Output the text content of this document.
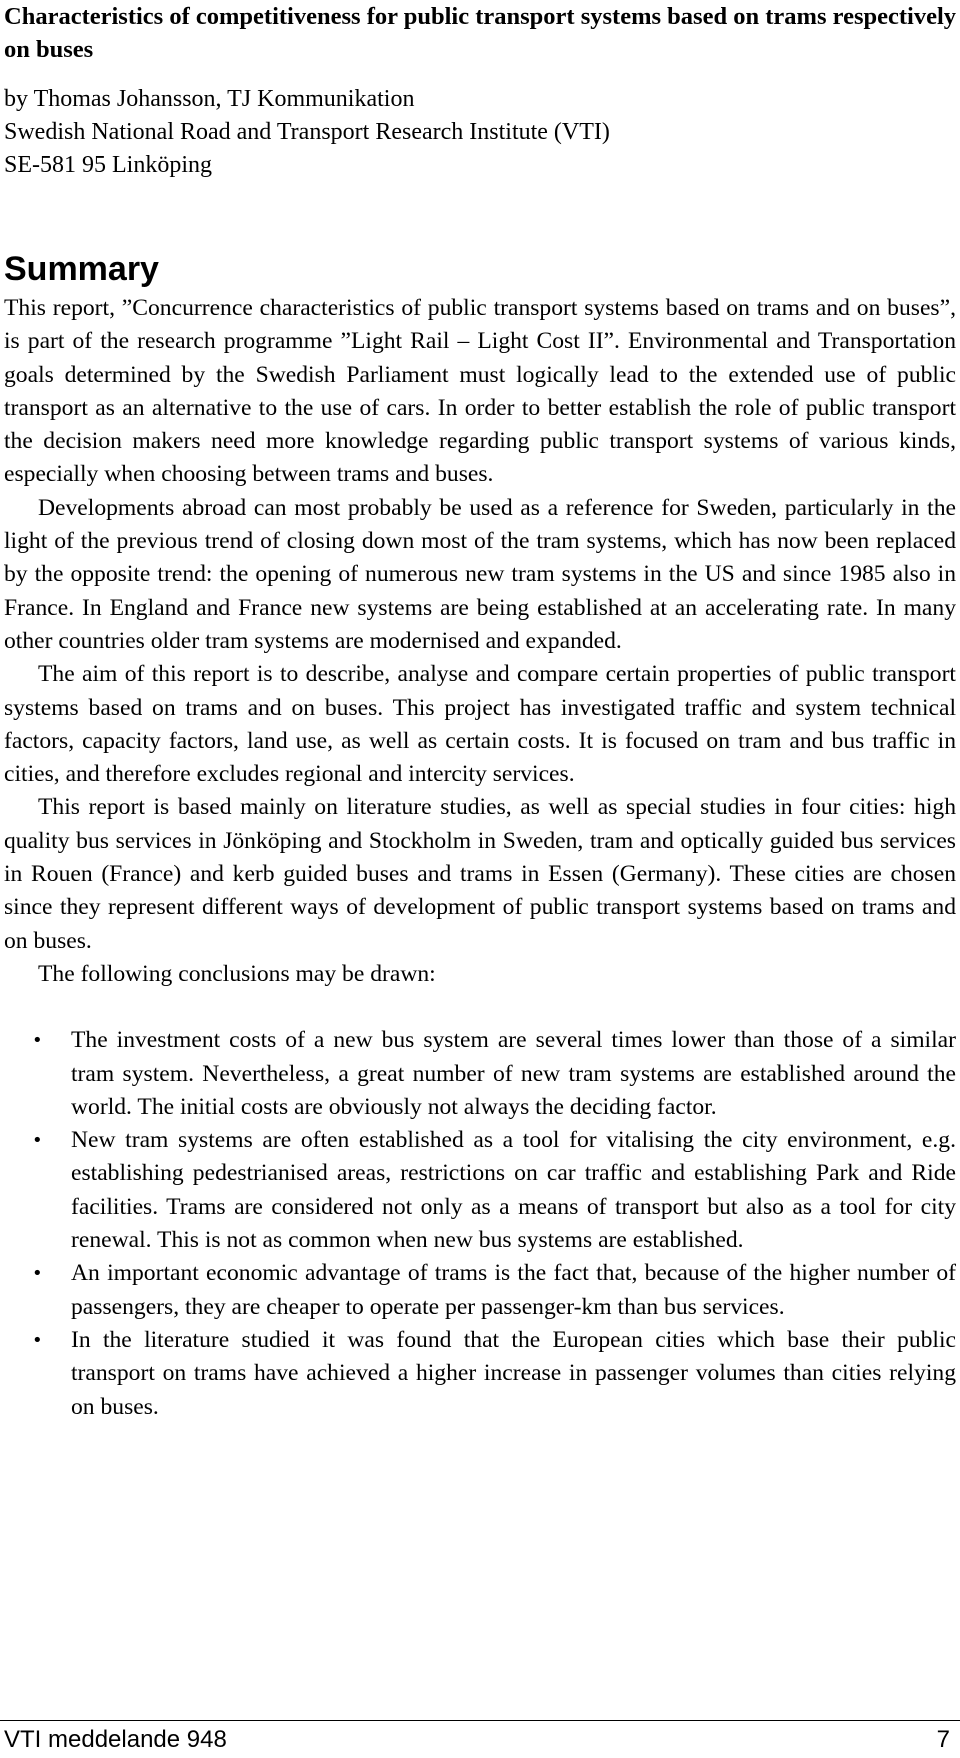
Characteristics of competitiveness for public transport systems based on trams respectively on buses
by Thomas Johansson, TJ Kommunikation
Swedish National Road and Transport Research Institute (VTI)
SE-581 95 Linköping
Summary

This report, ”Concurrence characteristics of public transport systems based on trams and on buses”, is part of the research programme ”Light Rail – Light Cost II”. Environmental and Transportation goals determined by the Swedish Parliament must logically lead to the extended use of public transport as an alternative to the use of cars. In order to better establish the role of public transport the decision makers need more knowledge regarding public transport systems of various kinds, especially when choosing between trams and buses.

Developments abroad can most probably be used as a reference for Sweden, particularly in the light of the previous trend of closing down most of the tram systems, which has now been replaced by the opposite trend: the opening of numerous new tram systems in the US and since 1985 also in France. In England and France new systems are being established at an accelerating rate. In many other countries older tram systems are modernised and expanded.

The aim of this report is to describe, analyse and compare certain properties of public transport systems based on trams and on buses. This project has investigated traffic and system technical factors, capacity factors, land use, as well as certain costs. It is focused on tram and bus traffic in cities, and therefore excludes regional and intercity services.

This report is based mainly on literature studies, as well as special studies in four cities: high quality bus services in Jönköping and Stockholm in Sweden, tram and optically guided bus services in Rouen (France) and kerb guided buses and trams in Essen (Germany). These cities are chosen since they represent different ways of development of public transport systems based on trams and on buses.

The following conclusions may be drawn:

• The investment costs of a new bus system are several times lower than those of a similar tram system. Nevertheless, a great number of new tram systems are established around the world. The initial costs are obviously not always the deciding factor.
• New tram systems are often established as a tool for vitalising the city environment, e.g. establishing pedestrianised areas, restrictions on car traffic and establishing Park and Ride facilities. Trams are considered not only as a means of transport but also as a tool for city renewal. This is not as common when new bus systems are established.
• An important economic advantage of trams is the fact that, because of the higher number of passengers, they are cheaper to operate per passenger-km than bus services.
• In the literature studied it was found that the European cities which base their public transport on trams have achieved a higher increase in passenger volumes than cities relying on buses.
VTI meddelande 948	7
